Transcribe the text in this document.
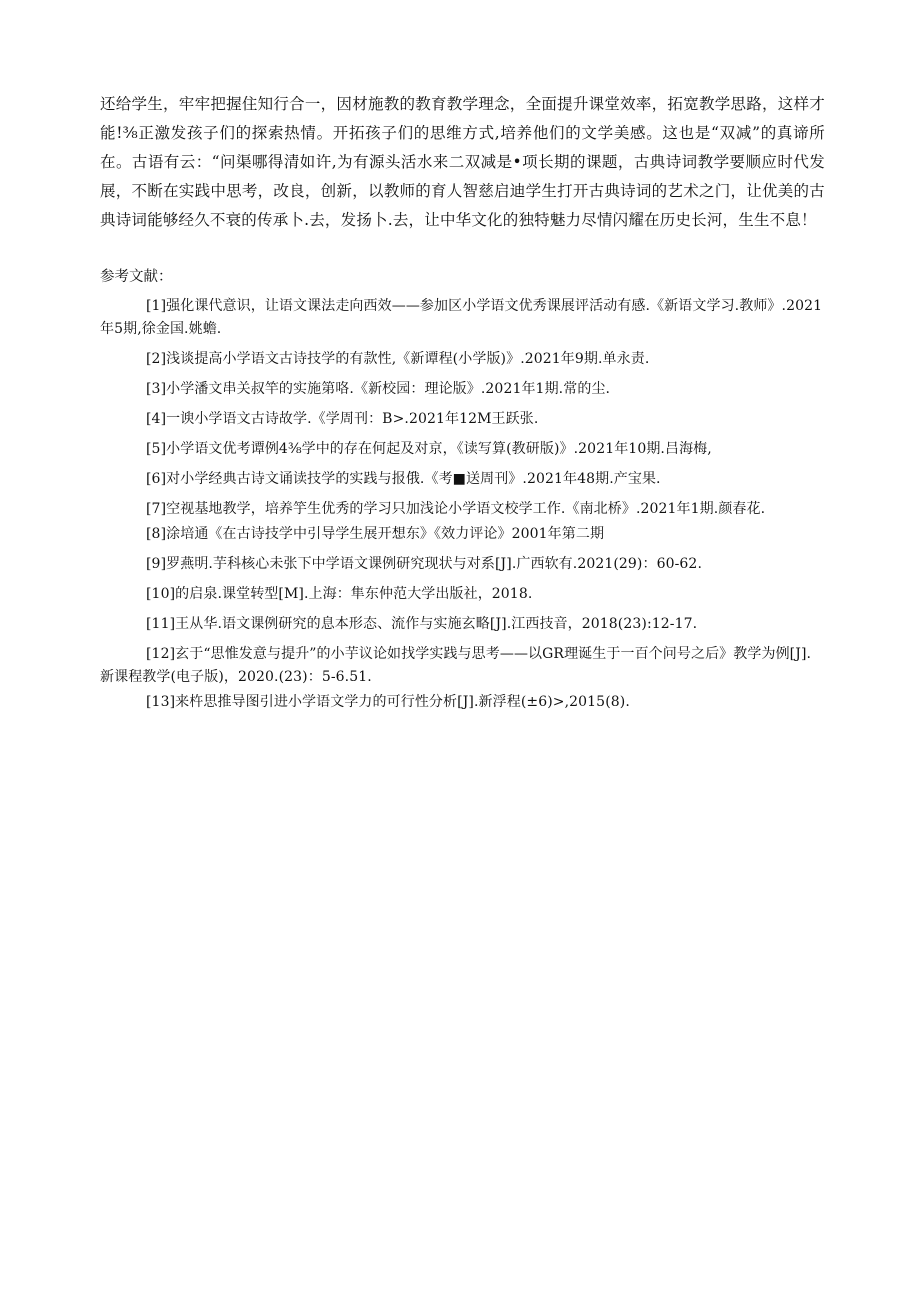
还给学生，牢牢把握住知行合一，因材施教的教育教学理念，全面提升课堂效率，拓宽教学思路，这样才能!⅜正激发孩子们的探索热情。开拓孩子们的思维方式,培养他们的文学美感。这也是“双减”的真谛所在。古语有云：“问渠哪得清如许,为有源头活水来二双减是•项长期的课题，古典诗词教学要顺应时代发展，不断在实践中思考，改良，创新，以教师的育人智慈启迪学生打开古典诗词的艺术之门，让优美的古典诗词能够经久不衰的传承卜.去，发扬卜.去，让中华文化的独特魅力尽情闪耀在历史长河，生生不息！

参考文献：
[1]强化课代意识，让语文课法走向西效——参加区小学语文优秀课展评活动有感.《新语文学习.教师》.2021年5期,徐金国.姚蟾.
[2]浅谈提高小学语文古诗技学的有款性,《新谭程(小学版)》.2021年9期.单永责.
[3]小学潘文串关叔竿的实施第咯.《新校园：理论版》.2021年1期.常的尘.
[4]一谀小学语文古诗故学.《学周刊：B>.2021年12M王跃张.
[5]小学语文优考谭例4⅜学中的存在何起及对京，《读写算(教研版)》.2021年10期.吕海梅,
[6]对小学经典古诗文诵读技学的实践与报俄.《考■送周刊》.2021年48期.产宝果.
[7]空视基地教学，培养竽生优秀的学习只加浅论小学语文校学工作.《南北桥》.2021年1期.颜春花.
[8]涂培通《在古诗技学中引导学生展开想东》《效力评论》2001年第二期
[9]罗燕明.芋科核心未张下中学语文课例研究现状与对系[J].广西软有.2021(29)：60-62.
[10]的启泉.课堂转型[M].上海：隼东仲范大学出版社，2018.
[11]王从华.语文课例研究的息本形态、流作与实施玄略[J].江西技音，2018(23):12-17.
[12]玄于“思惟发意与提升”的小芋议论如找学实践与思考——以GR理诞生于一百个问号之后》教学为例[J].新课程教学(电子版)，2020.(23)：5-6.51.
[13]来杵思推导图引进小学语文学力的可行性分析[J].新浮程(±6)>,2015(8).
